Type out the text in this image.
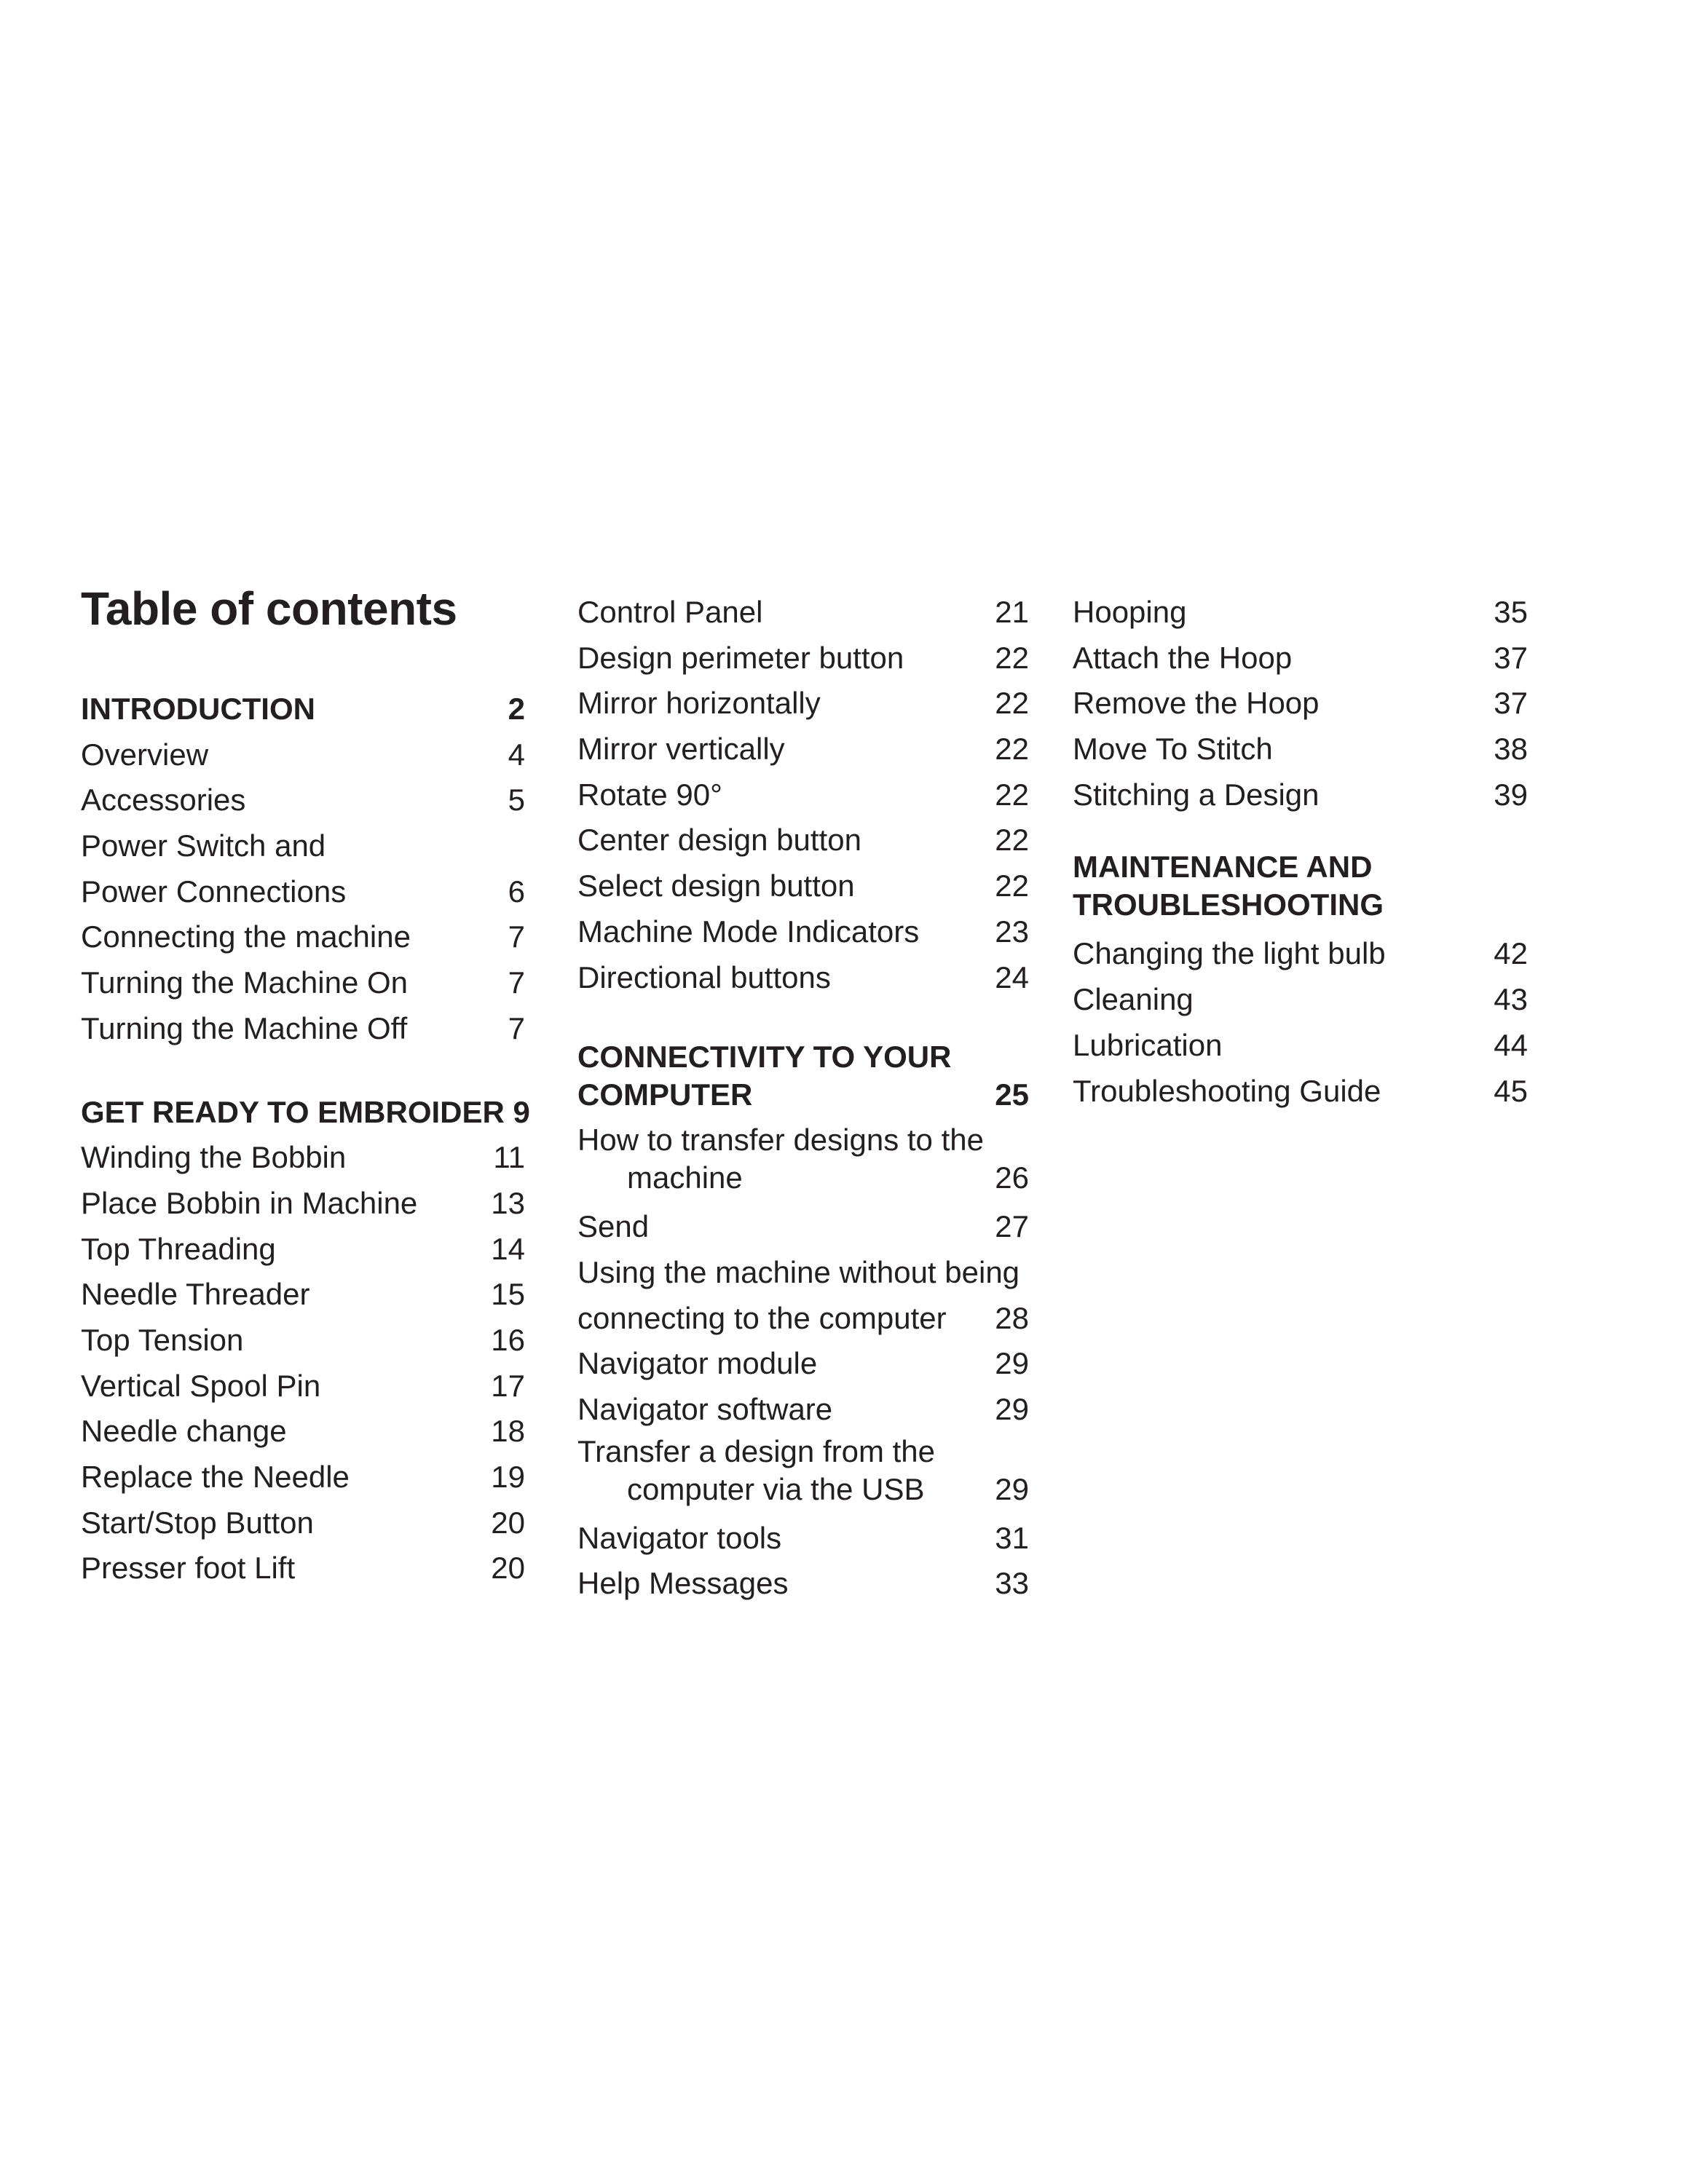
Table of contents
INTRODUCTION	2
Overview	4
Accessories	5
Power Switch and
Power Connections	6
Connecting the machine	7
Turning the Machine On	7
Turning the Machine Off	7
GET READY TO EMBROIDER 9
Winding the Bobbin	11
Place Bobbin in Machine 13
Top Threading	14
Needle Threader	15
Top Tension	16
Vertical Spool Pin	17
Needle change	18
Replace the Needle	19
Start/Stop Button	20
Presser foot Lift	20
Control Panel	21
Design perimeter button	22
Mirror horizontally	22
Mirror vertically	22
Rotate 90°	22
Center design button	22
Select design button	22
Machine Mode Indicators 23
Directional buttons	24
CONNECTIVITY TO YOUR
COMPUTER	25
How to transfer designs to the
machine	26
Send	27
Using the machine without being
connecting to the computer 28
Navigator module	29
Navigator software	29
Transfer a design from the
computer via the USB 29
Navigator tools	31
Help Messages	33
Hooping	35
Attach the Hoop	37
Remove the Hoop	37
Move To Stitch	38
Stitching a Design	39
MAINTENANCE AND
TROUBLESHOOTING
Changing the light bulb	42
Cleaning	43
Lubrication	44
Troubleshooting Guide	45
